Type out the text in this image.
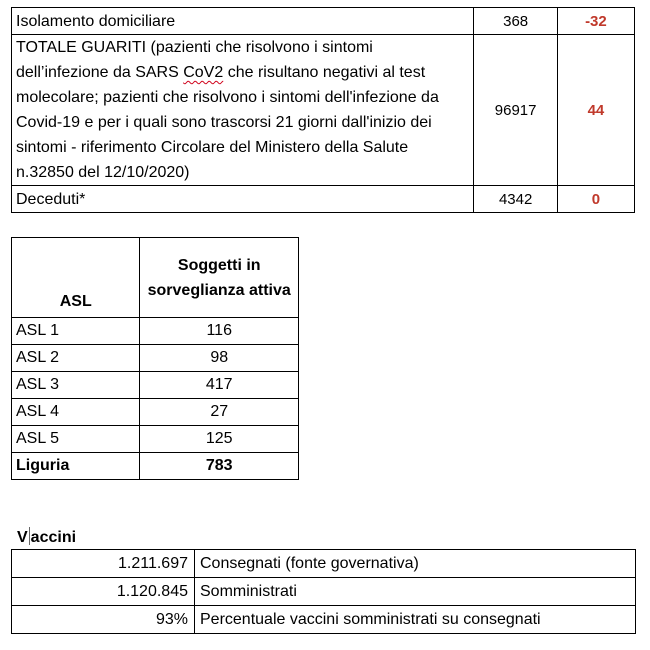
Isolamento domiciliare	368	-32
TOTALE GUARITI (pazienti che risolvono i sintomi dell’infezione da SARS CoV2 che risultano negativi al test molecolare; pazienti che risolvono i sintomi dell'infezione da Covid-19 e per i quali sono trascorsi 21 giorni dall'inizio dei sintomi - riferimento Circolare del Ministero della Salute n.32850 del 12/10/2020)	96917	44
Deceduti*	4342	0
ASL	Soggetti in sorveglianza attiva
ASL 1	116
ASL 2	98
ASL 3	417
ASL 4	27
ASL 5	125
Liguria	783
V accini
1.211.697	Consegnati (fonte governativa)
1.120.845	Somministrati
93%	Percentuale vaccini somministrati su consegnati
